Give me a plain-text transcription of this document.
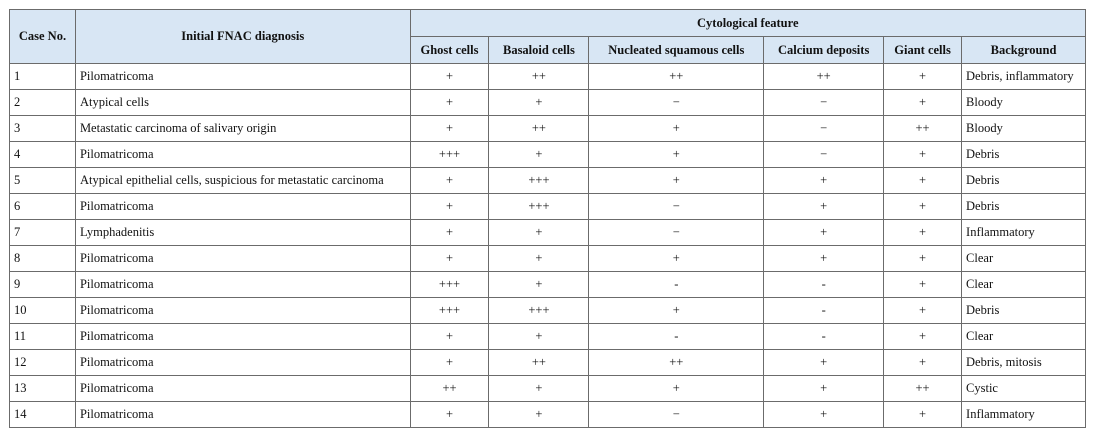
Case No.	Initial FNAC diagnosis	Cytological feature					
		Ghost cells	Basaloid cells	Nucleated squamous cells	Calcium deposits	Giant cells	Background
1	Pilomatricoma	+	++	++	++	+	Debris, inflammatory
2	Atypical cells	+	+	−	−	+	Bloody
3	Metastatic carcinoma of salivary origin	+	++	+	−	++	Bloody
4	Pilomatricoma	+++	+	+	−	+	Debris
5	Atypical epithelial cells, suspicious for metastatic carcinoma	+	+++	+	+	+	Debris
6	Pilomatricoma	+	+++	−	+	+	Debris
7	Lymphadenitis	+	+	−	+	+	Inflammatory
8	Pilomatricoma	+	+	+	+	+	Clear
9	Pilomatricoma	+++	+	-	-	+	Clear
10	Pilomatricoma	+++	+++	+	-	+	Debris
11	Pilomatricoma	+	+	-	-	+	Clear
12	Pilomatricoma	+	++	++	+	+	Debris, mitosis
13	Pilomatricoma	++	+	+	+	++	Cystic
14	Pilomatricoma	+	+	−	+	+	Inflammatory
